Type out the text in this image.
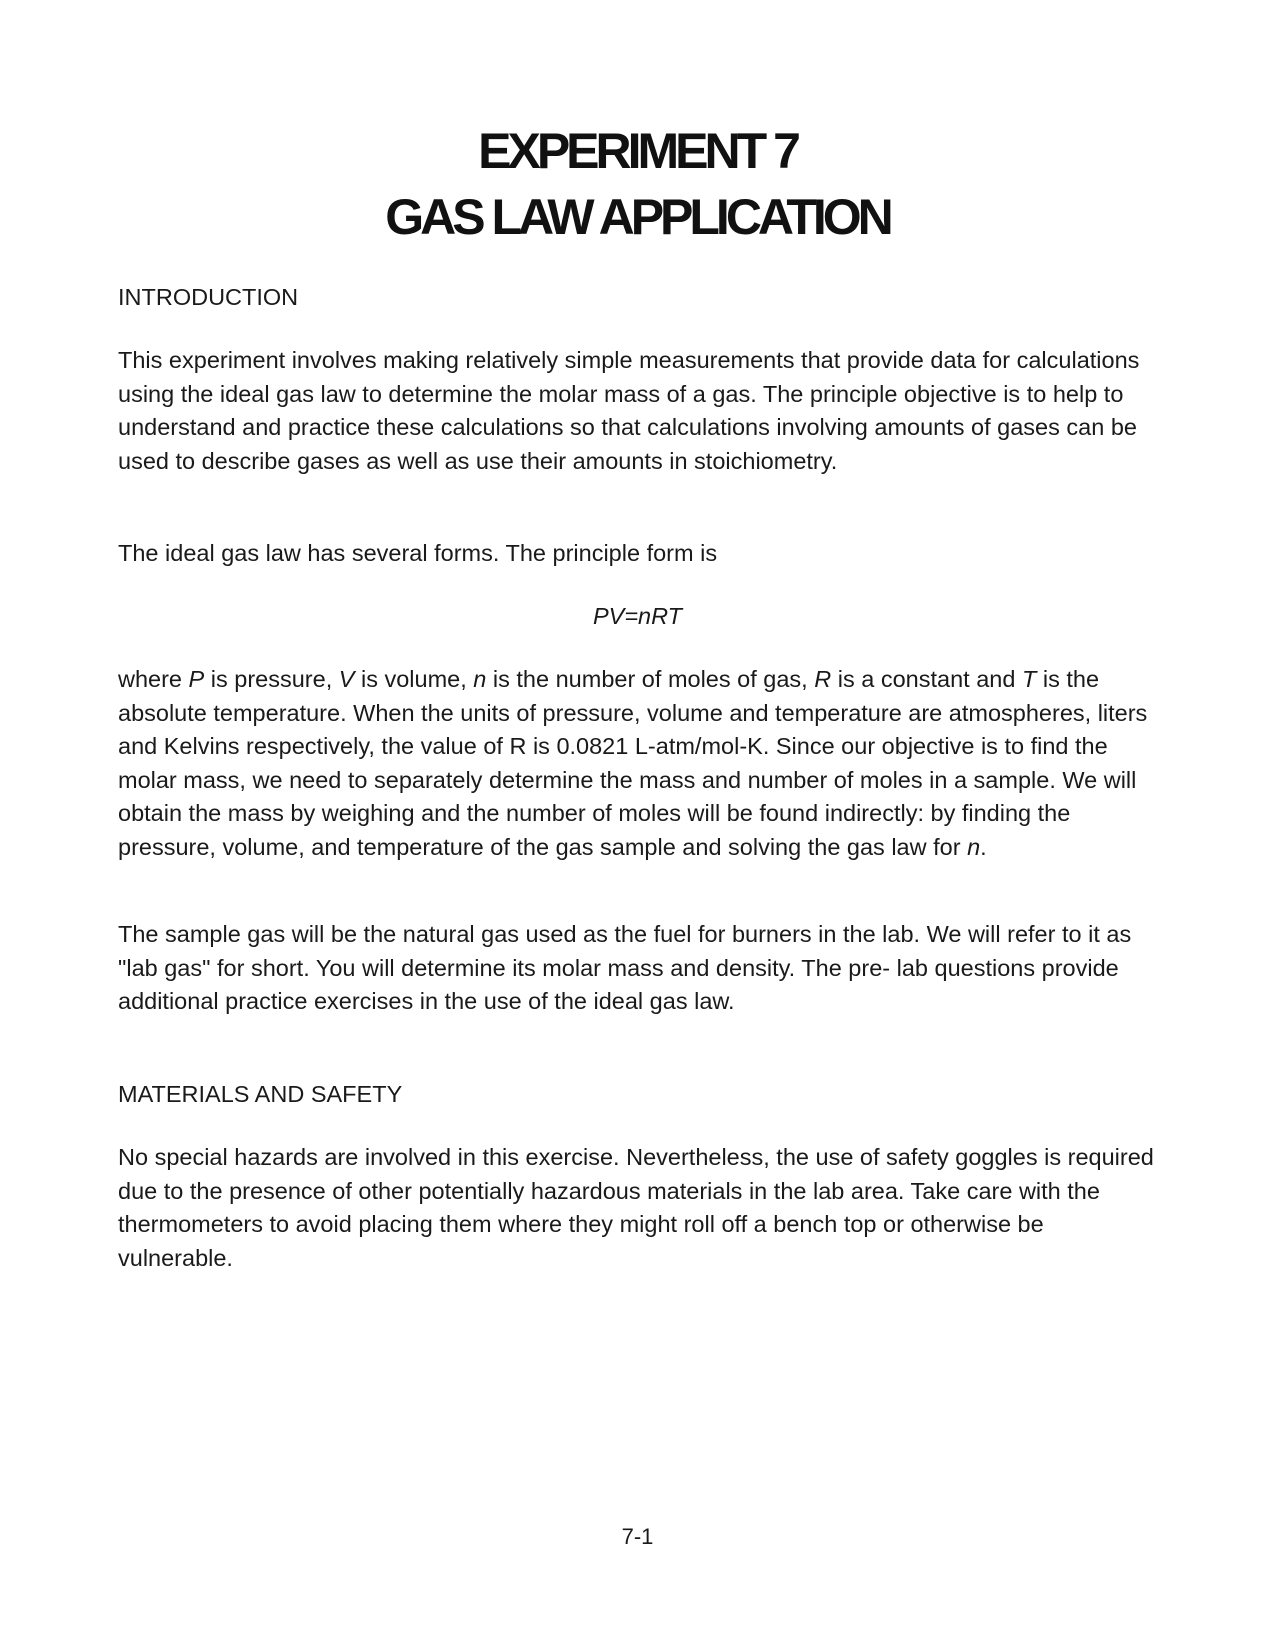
EXPERIMENT 7
GAS LAW APPLICATION
INTRODUCTION

This experiment involves making relatively simple measurements that provide data for calculations using the ideal gas law to determine the molar mass of a gas. The principle objective is to help to understand and practice these calculations so that calculations involving amounts of gases can be used to describe gases as well as use their amounts in stoichiometry.

The ideal gas law has several forms. The principle form is

PV=nRT

where P is pressure, V is volume, n is the number of moles of gas, R is a constant and T is the absolute temperature. When the units of pressure, volume and temperature are atmospheres, liters and Kelvins respectively, the value of R is 0.0821 L-atm/mol-K. Since our objective is to find the molar mass, we need to separately determine the mass and number of moles in a sample. We will obtain the mass by weighing and the number of moles will be found indirectly: by finding the pressure, volume, and temperature of the gas sample and solving the gas law for n.

The sample gas will be the natural gas used as the fuel for burners in the lab. We will refer to it as "lab gas" for short. You will determine its molar mass and density. The pre- lab questions provide additional practice exercises in the use of the ideal gas law.

MATERIALS AND SAFETY

No special hazards are involved in this exercise. Nevertheless, the use of safety goggles is required due to the presence of other potentially hazardous materials in the lab area. Take care with the thermometers to avoid placing them where they might roll off a bench top or otherwise be vulnerable.

7-1
